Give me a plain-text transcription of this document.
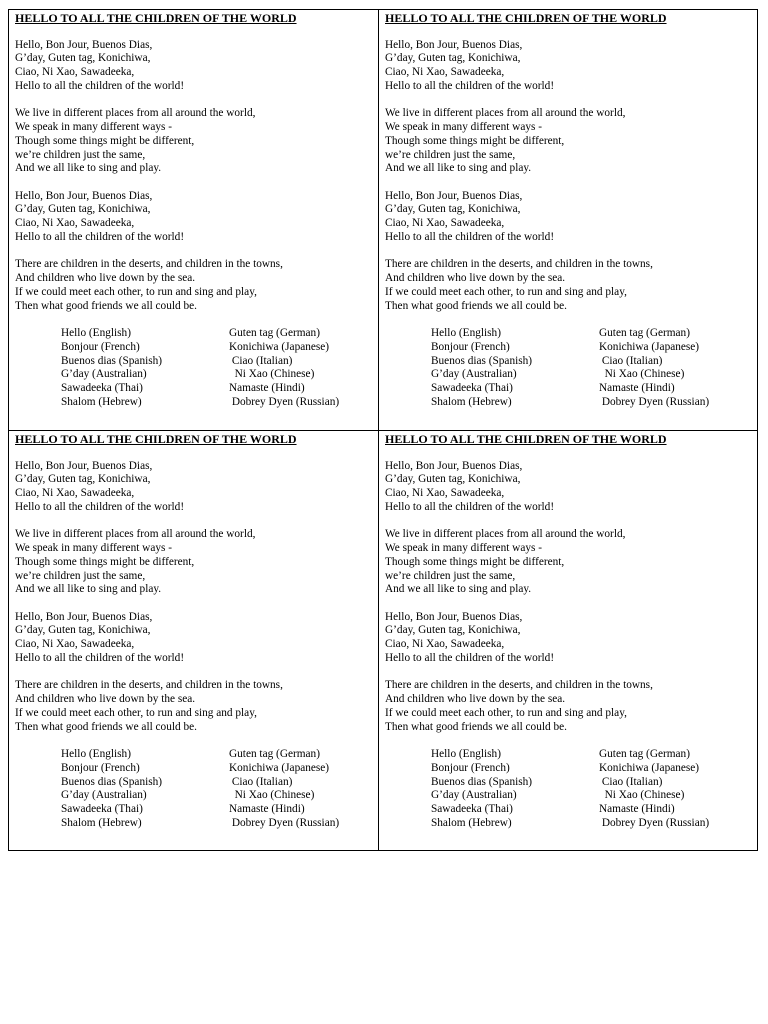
HELLO TO ALL THE CHILDREN OF THE WORLD
Hello, Bon Jour, Buenos Dias,
G’day, Guten tag, Konichiwa,
Ciao, Ni Xao, Sawadeeka,
Hello to all the children of the world!
We live in different places from all around the world,
We speak in many different ways -
Though some things might be different,
we’re children just the same,
And we all like to sing and play.
Hello, Bon Jour, Buenos Dias,
G’day, Guten tag, Konichiwa,
Ciao, Ni Xao, Sawadeeka,
Hello to all the children of the world!
There are children in the deserts, and children in the towns,
And children who live down by the sea.
If we could meet each other, to run and sing and play,
Then what good friends we all could be.
Hello (English)	Guten tag (German)
Bonjour (French)	Konichiwa (Japanese)
Buenos dias (Spanish)	Ciao (Italian)
G’day (Australian)	Ni Xao (Chinese)
Sawadeeka (Thai)	Namaste (Hindi)
Shalom (Hebrew)	Dobrey Dyen (Russian)
HELLO TO ALL THE CHILDREN OF THE WORLD
Hello, Bon Jour, Buenos Dias,
G’day, Guten tag, Konichiwa,
Ciao, Ni Xao, Sawadeeka,
Hello to all the children of the world!
We live in different places from all around the world,
We speak in many different ways -
Though some things might be different,
we’re children just the same,
And we all like to sing and play.
Hello, Bon Jour, Buenos Dias,
G’day, Guten tag, Konichiwa,
Ciao, Ni Xao, Sawadeeka,
Hello to all the children of the world!
There are children in the deserts, and children in the towns,
And children who live down by the sea.
If we could meet each other, to run and sing and play,
Then what good friends we all could be.
Hello (English)	Guten tag (German)
Bonjour (French)	Konichiwa (Japanese)
Buenos dias (Spanish)	Ciao (Italian)
G’day (Australian)	Ni Xao (Chinese)
Sawadeeka (Thai)	Namaste (Hindi)
Shalom (Hebrew)	Dobrey Dyen (Russian)
HELLO TO ALL THE CHILDREN OF THE WORLD
Hello, Bon Jour, Buenos Dias,
G’day, Guten tag, Konichiwa,
Ciao, Ni Xao, Sawadeeka,
Hello to all the children of the world!
We live in different places from all around the world,
We speak in many different ways -
Though some things might be different,
we’re children just the same,
And we all like to sing and play.
Hello, Bon Jour, Buenos Dias,
G’day, Guten tag, Konichiwa,
Ciao, Ni Xao, Sawadeeka,
Hello to all the children of the world!
There are children in the deserts, and children in the towns,
And children who live down by the sea.
If we could meet each other, to run and sing and play,
Then what good friends we all could be.
Hello (English)	Guten tag (German)
Bonjour (French)	Konichiwa (Japanese)
Buenos dias (Spanish)	Ciao (Italian)
G’day (Australian)	Ni Xao (Chinese)
Sawadeeka (Thai)	Namaste (Hindi)
Shalom (Hebrew)	Dobrey Dyen (Russian)
HELLO TO ALL THE CHILDREN OF THE WORLD
Hello, Bon Jour, Buenos Dias,
G’day, Guten tag, Konichiwa,
Ciao, Ni Xao, Sawadeeka,
Hello to all the children of the world!
We live in different places from all around the world,
We speak in many different ways -
Though some things might be different,
we’re children just the same,
And we all like to sing and play.
Hello, Bon Jour, Buenos Dias,
G’day, Guten tag, Konichiwa,
Ciao, Ni Xao, Sawadeeka,
Hello to all the children of the world!
There are children in the deserts, and children in the towns,
And children who live down by the sea.
If we could meet each other, to run and sing and play,
Then what good friends we all could be.
Hello (English)	Guten tag (German)
Bonjour (French)	Konichiwa (Japanese)
Buenos dias (Spanish)	Ciao (Italian)
G’day (Australian)	Ni Xao (Chinese)
Sawadeeka (Thai)	Namaste (Hindi)
Shalom (Hebrew)	Dobrey Dyen (Russian)
